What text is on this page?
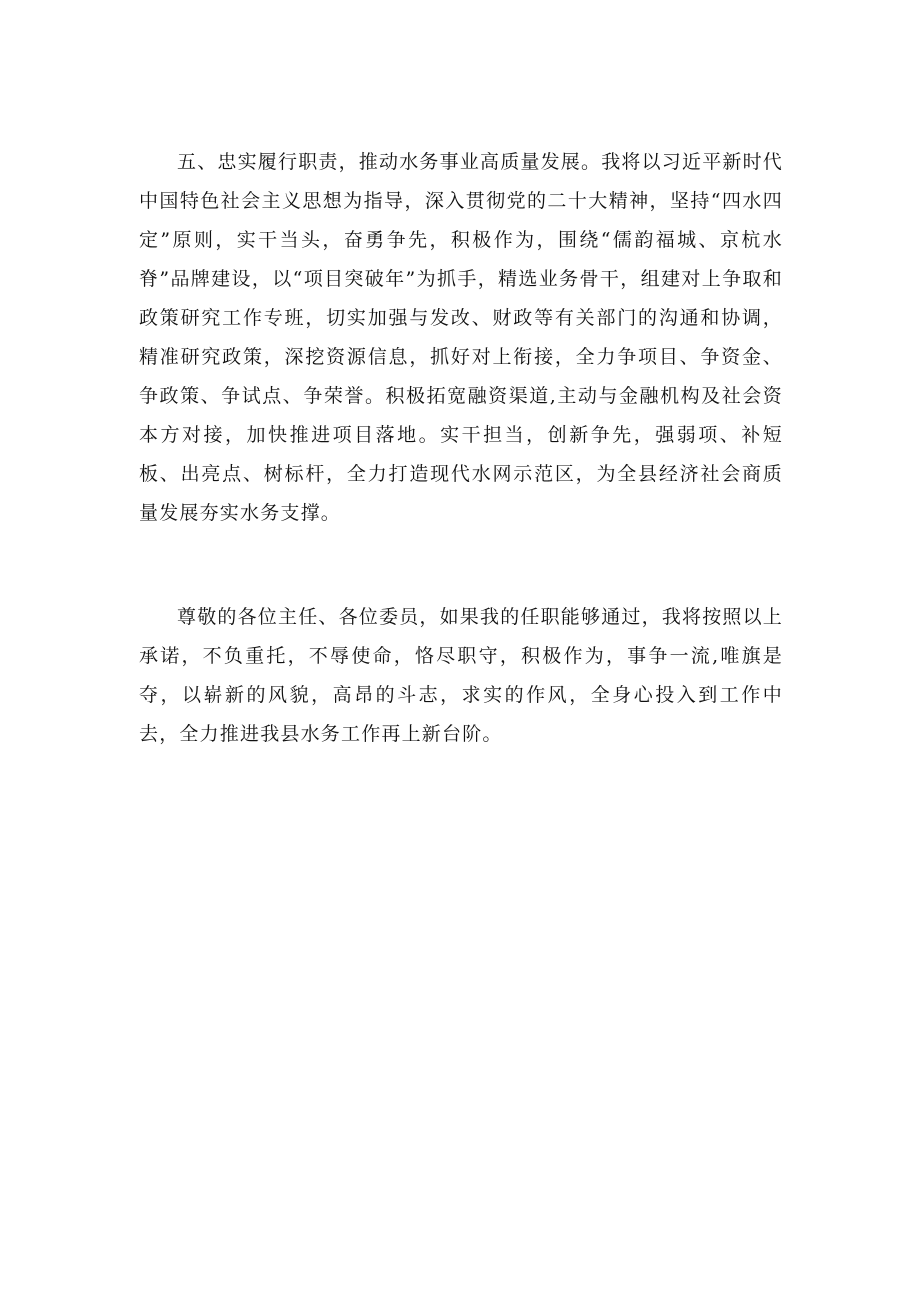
五、忠实履行职责，推动水务事业高质量发展。我将以习近平新时代中国特色社会主义思想为指导，深入贯彻党的二十大精神，坚持“四水四定”原则，实干当头，奋勇争先，积极作为，围绕“儒韵福城、京杭水脊”品牌建设，以“项目突破年”为抓手，精选业务骨干，组建对上争取和政策研究工作专班，切实加强与发改、财政等有关部门的沟通和协调，精准研究政策，深挖资源信息，抓好对上衔接，全力争项目、争资金、争政策、争试点、争荣誉。积极拓宽融资渠道,主动与金融机构及社会资本方对接，加快推进项目落地。实干担当，创新争先，强弱项、补短板、出亮点、树标杆，全力打造现代水网示范区，为全县经济社会商质量发展夯实水务支撑。

尊敬的各位主任、各位委员，如果我的任职能够通过，我将按照以上承诺，不负重托，不辱使命，恪尽职守，积极作为，事争一流,唯旗是夺，以崭新的风貌，高昂的斗志，求实的作风，全身心投入到工作中去，全力推进我县水务工作再上新台阶。
